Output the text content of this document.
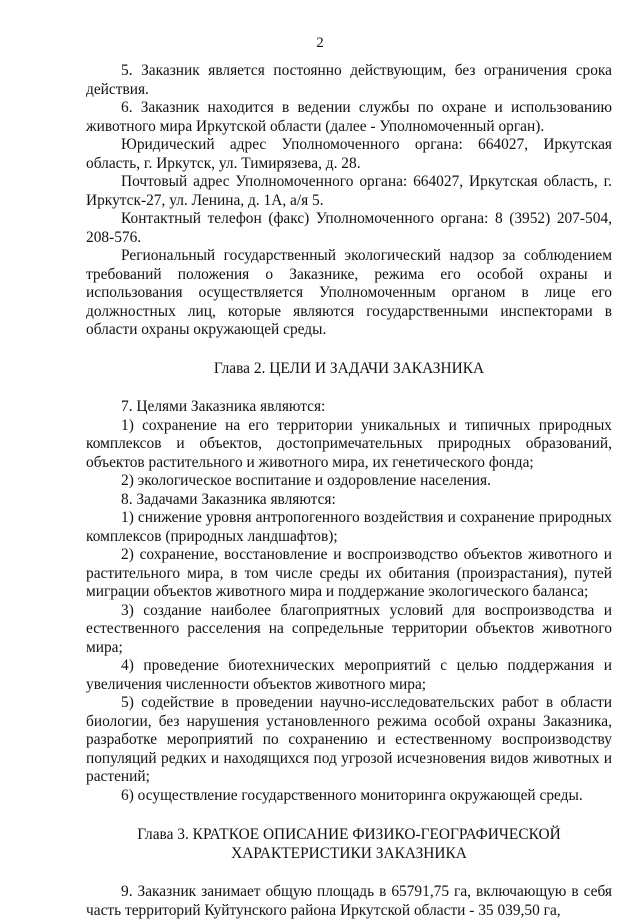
2

5. Заказник является постоянно действующим, без ограничения срока действия.

6. Заказник находится в ведении службы по охране и использованию животного мира Иркутской области (далее - Уполномоченный орган).

Юридический адрес Уполномоченного органа: 664027, Иркутская область, г. Иркутск, ул. Тимирязева, д. 28.

Почтовый адрес Уполномоченного органа: 664027, Иркутская область, г. Иркутск-27, ул. Ленина, д. 1А, а/я 5.

Контактный телефон (факс) Уполномоченного органа: 8 (3952) 207-504, 208-576.

Региональный государственный экологический надзор за соблюдением требований положения о Заказнике, режима его особой охраны и использования осуществляется Уполномоченным органом в лице его должностных лиц, которые являются государственными инспекторами в области охраны окружающей среды.

Глава 2. ЦЕЛИ И ЗАДАЧИ ЗАКАЗНИКА

7. Целями Заказника являются:

1) сохранение на его территории уникальных и типичных природных комплексов и объектов, достопримечательных природных образований, объектов растительного и животного мира, их генетического фонда;

2) экологическое воспитание и оздоровление населения.

8. Задачами Заказника являются:

1) снижение уровня антропогенного воздействия и сохранение природных комплексов (природных ландшафтов);

2) сохранение, восстановление и воспроизводство объектов животного и растительного мира, в том числе среды их обитания (произрастания), путей миграции объектов животного мира и поддержание экологического баланса;

3) создание наиболее благоприятных условий для воспроизводства и естественного расселения на сопредельные территории объектов животного мира;

4) проведение биотехнических мероприятий с целью поддержания и увеличения численности объектов животного мира;

5) содействие в проведении научно-исследовательских работ в области биологии, без нарушения установленного режима особой охраны Заказника, разработке мероприятий по сохранению и естественному воспроизводству популяций редких и находящихся под угрозой исчезновения видов животных и растений;

6) осуществление государственного мониторинга окружающей среды.

Глава 3. КРАТКОЕ ОПИСАНИЕ ФИЗИКО-ГЕОГРАФИЧЕСКОЙ
ХАРАКТЕРИСТИКИ ЗАКАЗНИКА

9. Заказник занимает общую площадь в 65791,75 га, включающую в себя часть территорий Куйтунского района Иркутской области - 35 039,50 га,
